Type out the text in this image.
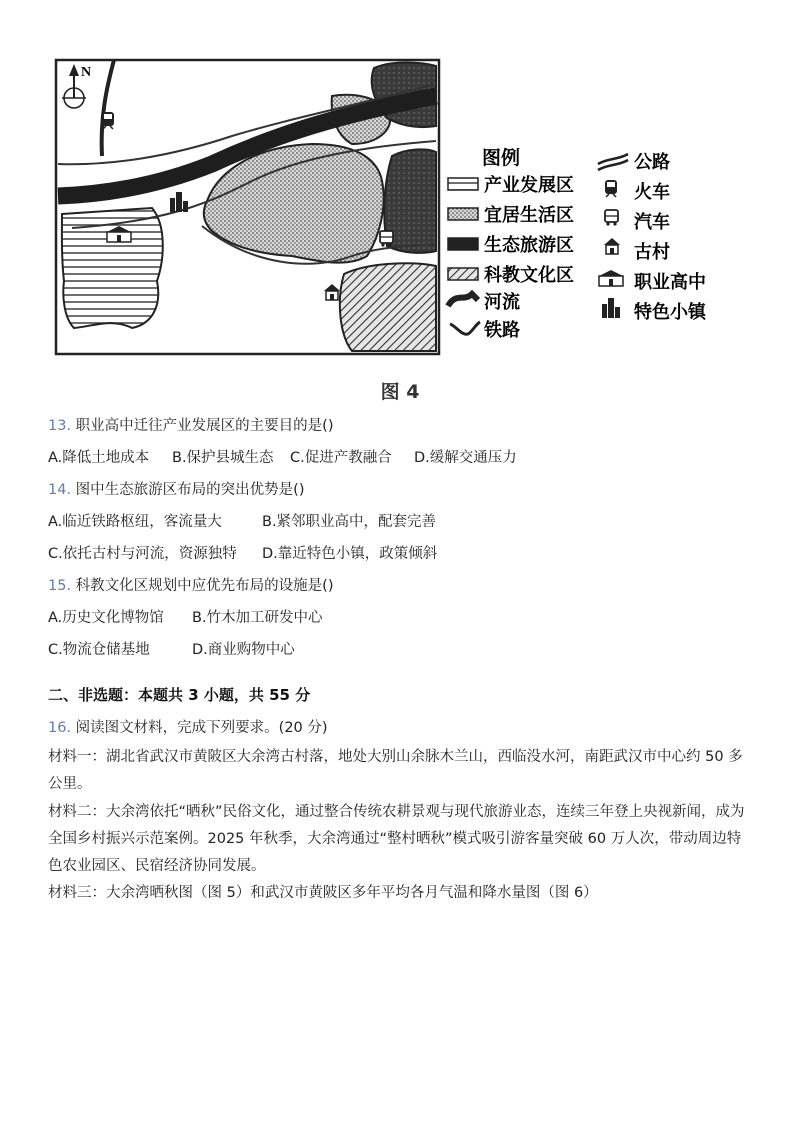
N
图例
产业发展区
宜居生活区
生态旅游区
科教文化区
河流
铁路
公路
火车
汽车
古村
职业高中
特色小镇
图 4
13. 职业高中迁往产业发展区的主要目的是()
A.降低土地成本 B.保护县城生态 C.促进产教融合 D.缓解交通压力
14. 图中生态旅游区布局的突出优势是()
A.临近铁路枢纽，客流量大	B.紧邻职业高中，配套完善
C.依托古村与河流，资源独特 D.靠近特色小镇，政策倾斜
15. 科教文化区规划中应优先布局的设施是()
A.历史文化博物馆 B.竹木加工研发中心
C.物流仓储基地	D.商业购物中心
二、非选题：本题共 3 小题，共 55 分
16. 阅读图文材料，完成下列要求。(20 分)
材料一：湖北省武汉市黄陂区大余湾古村落，地处大别山余脉木兰山，西临没水河，南距武汉市中心约 50 多公里。
材料二：大余湾依托“晒秋”民俗文化，通过整合传统农耕景观与现代旅游业态，连续三年登上央视新闻，成为全国乡村振兴示范案例。2025 年秋季，大余湾通过“整村晒秋”模式吸引游客量突破 60 万人次，带动周边特色农业园区、民宿经济协同发展。
材料三：大余湾晒秋图（图 5）和武汉市黄陂区多年平均各月气温和降水量图（图 6）
